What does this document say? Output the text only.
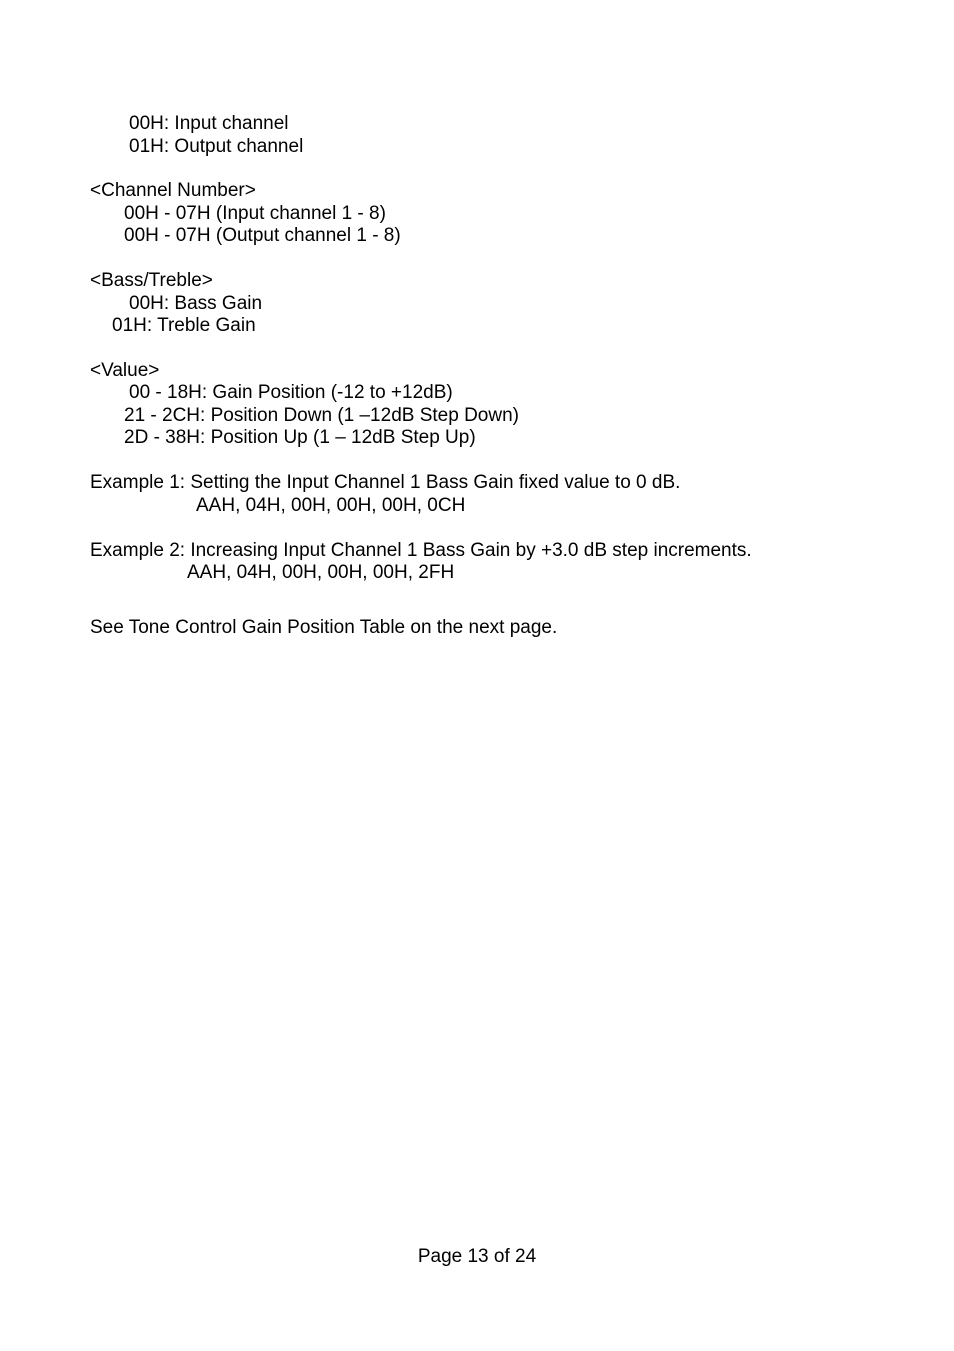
00H: Input channel
01H: Output channel
<Channel Number>
00H - 07H (Input channel 1 - 8)
00H - 07H (Output channel 1 - 8)
<Bass/Treble>
00H: Bass Gain
01H: Treble Gain
<Value>
00 - 18H: Gain Position (-12 to +12dB)
21 - 2CH: Position Down (1 –12dB Step Down)
2D - 38H: Position Up (1 – 12dB Step Up)
Example 1: Setting the Input Channel 1 Bass Gain fixed value to 0 dB.
AAH, 04H, 00H, 00H, 00H, 0CH
Example 2: Increasing Input Channel 1 Bass Gain by +3.0 dB step increments.
AAH, 04H, 00H, 00H, 00H, 2FH
See Tone Control Gain Position Table on the next page.
Page 13 of 24
